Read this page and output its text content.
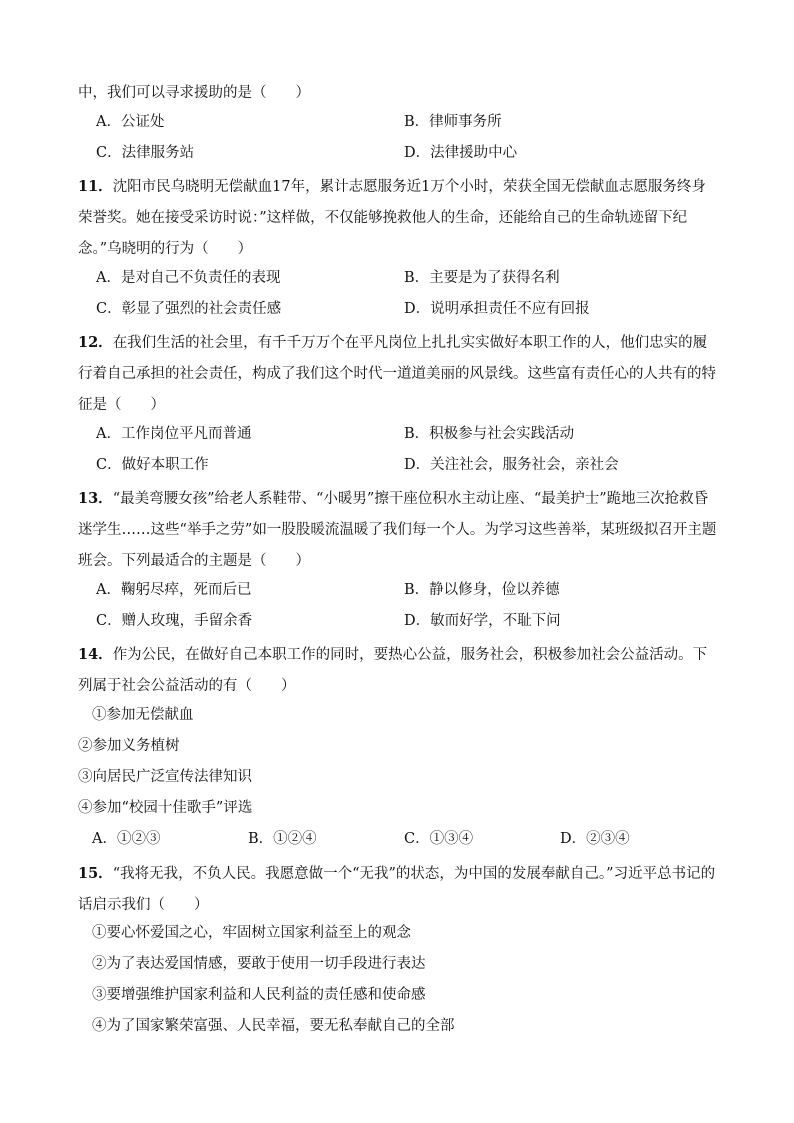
中，我们可以寻求援助的是（　　）
A．公证处	B．律师事务所
C．法律服务站	D．法律援助中心
11．沈阳市民乌晓明无偿献血17年，累计志愿服务近1万个小时，荣获全国无偿献血志愿服务终身荣誉奖。她在接受采访时说：”这样做，不仅能够挽救他人的生命，还能给自己的生命轨迹留下纪念。”乌晓明的行为（　　）
A．是对自己不负责任的表现	B．主要是为了获得名利
C．彰显了强烈的社会责任感	D．说明承担责任不应有回报
12．在我们生活的社会里，有千千万万个在平凡岗位上扎扎实实做好本职工作的人，他们忠实的履行着自己承担的社会责任，构成了我们这个时代一道道美丽的风景线。这些富有责任心的人共有的特征是（　　）
A．工作岗位平凡而普通	B．积极参与社会实践活动
C．做好本职工作	D．关注社会，服务社会，亲社会
13．“最美弯腰女孩”给老人系鞋带、“小暖男”擦干座位积水主动让座、“最美护士”跪地三次抢救昏迷学生……这些“举手之劳”如一股股暖流温暖了我们每一个人。为学习这些善举，某班级拟召开主题班会。下列最适合的主题是（　　）
A．鞠躬尽瘁，死而后已	B．静以修身，俭以养德
C．赠人玫瑰，手留余香	D．敏而好学，不耻下问
14．作为公民，在做好自己本职工作的同时，要热心公益，服务社会，积极参加社会公益活动。下列属于社会公益活动的有（　　）
①参加无偿献血
②参加义务植树
③向居民广泛宣传法律知识
④参加“校园十佳歌手”评选
A．①②③	B．①②④	C．①③④	D．②③④
15．“我将无我，不负人民。我愿意做一个“无我”的状态，为中国的发展奉献自己。”习近平总书记的话启示我们（　　）
①要心怀爱国之心，牢固树立国家利益至上的观念
②为了表达爱国情感，要敢于使用一切手段进行表达
③要增强维护国家利益和人民利益的责任感和使命感
④为了国家繁荣富强、人民幸福，要无私奉献自己的全部
